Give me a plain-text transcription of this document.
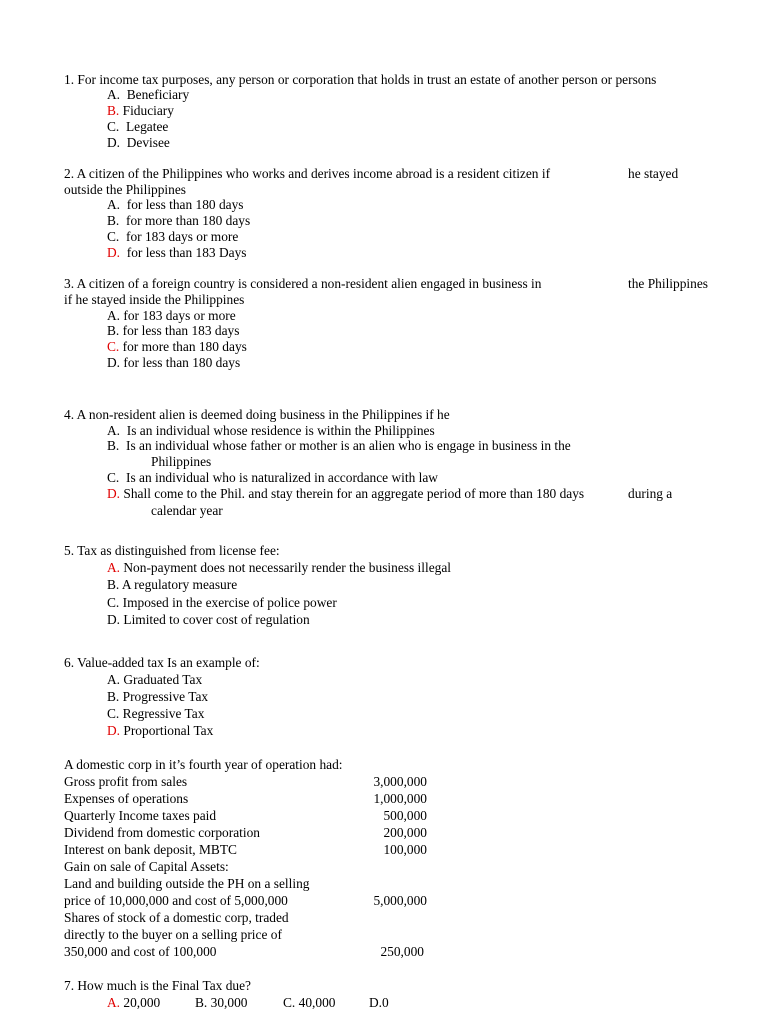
1. For income tax purposes, any person or corporation that holds in trust an estate of another person or persons
A. Beneficiary
B. Fiduciary
C. Legatee
D. Devisee
2. A citizen of the Philippines who works and derives income abroad is a resident citizen if	he stayed
outside the Philippines
A. for less than 180 days
B. for more than 180 days
C. for 183 days or more
D. for less than 183 Days
3. A citizen of a foreign country is considered a non-resident alien engaged in business in	the Philippines
if he stayed inside the Philippines
A. for 183 days or more
B. for less than 183 days
C. for more than 180 days
D. for less than 180 days
4. A non-resident alien is deemed doing business in the Philippines if he
A. Is an individual whose residence is within the Philippines
B. Is an individual whose father or mother is an alien who is engage in business in the
Philippines
C. Is an individual who is naturalized in accordance with law
D. Shall come to the Phil. and stay therein for an aggregate period of more than 180 days	during a
calendar year
5. Tax as distinguished from license fee:
A. Non-payment does not necessarily render the business illegal
B. A regulatory measure
C. Imposed in the exercise of police power
D. Limited to cover cost of regulation
6. Value-added tax Is an example of:
A. Graduated Tax
B. Progressive Tax
C. Regressive Tax
D. Proportional Tax
A domestic corp in it’s fourth year of operation had:
Gross profit from sales	3,000,000
Expenses of operations	1,000,000
Quarterly Income taxes paid	500,000
Dividend from domestic corporation	200,000
Interest on bank deposit, MBTC	100,000
Gain on sale of Capital Assets:
Land and building outside the PH on a selling
price of 10,000,000 and cost of 5,000,000	5,000,000
Shares of stock of a domestic corp, traded
directly to the buyer on a selling price of
350,000 and cost of 100,000	250,000
7. How much is the Final Tax due?
A. 20,000	B. 30,000	C. 40,000	D.0
